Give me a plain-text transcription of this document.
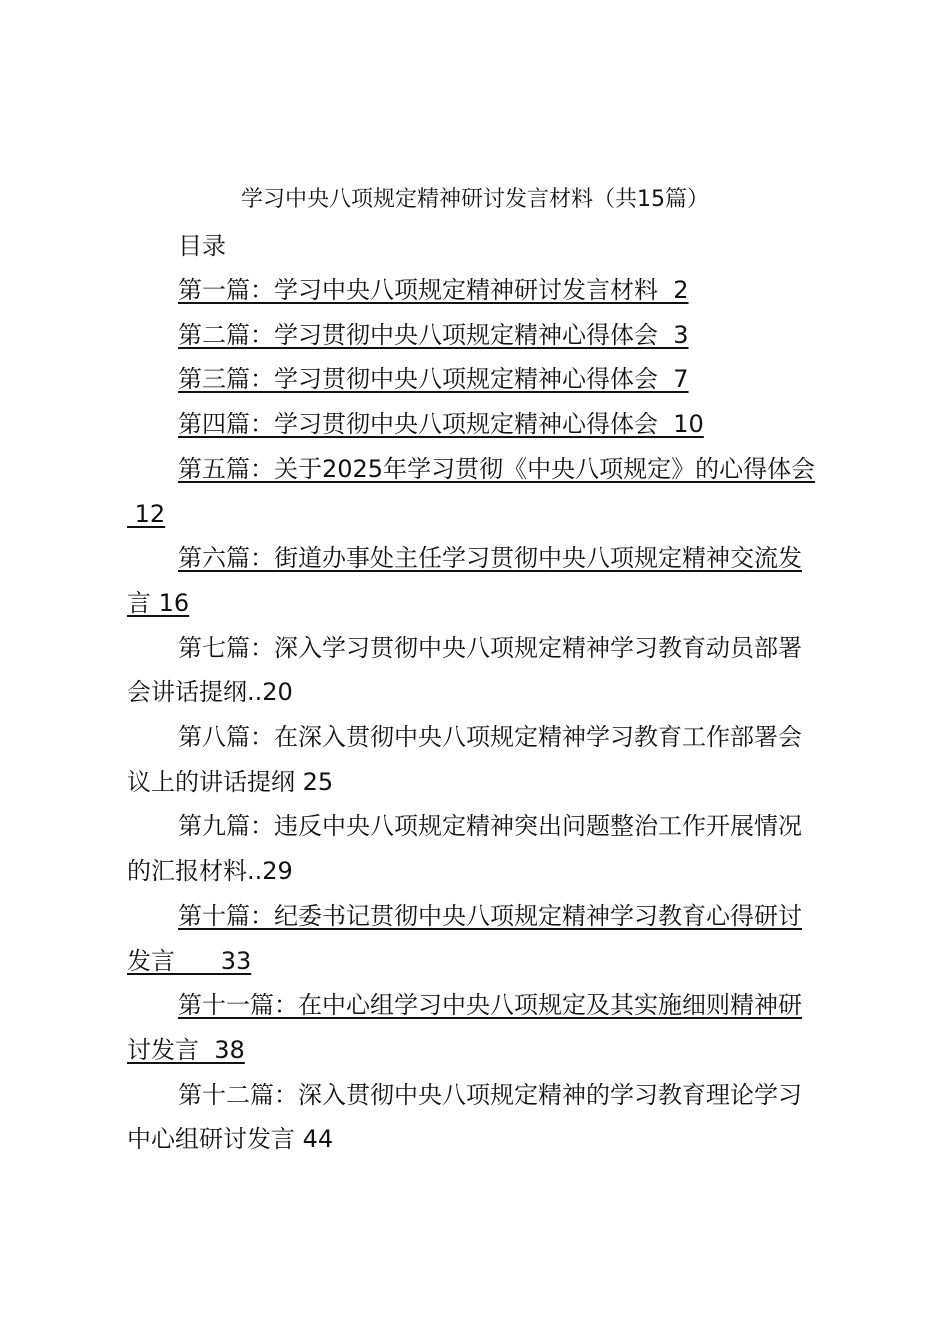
学习中央八项规定精神研讨发言材料（共15篇）
目录

第一篇：学习中央八项规定精神研讨发言材料  2

第二篇：学习贯彻中央八项规定精神心得体会  3

第三篇：学习贯彻中央八项规定精神心得体会  7

第四篇：学习贯彻中央八项规定精神心得体会  10

第五篇：关于2025年学习贯彻《中央八项规定》的心得体会 12

第六篇：街道办事处主任学习贯彻中央八项规定精神交流发言 16

第七篇：深入学习贯彻中央八项规定精神学习教育动员部署会讲话提纲..20

第八篇：在深入贯彻中央八项规定精神学习教育工作部署会议上的讲话提纲 25

第九篇：违反中央八项规定精神突出问题整治工作开展情况的汇报材料..29

第十篇：纪委书记贯彻中央八项规定精神学习教育心得研讨发言      33

第十一篇：在中心组学习中央八项规定及其实施细则精神研讨发言  38

第十二篇：深入贯彻中央八项规定精神的学习教育理论学习中心组研讨发言 44
